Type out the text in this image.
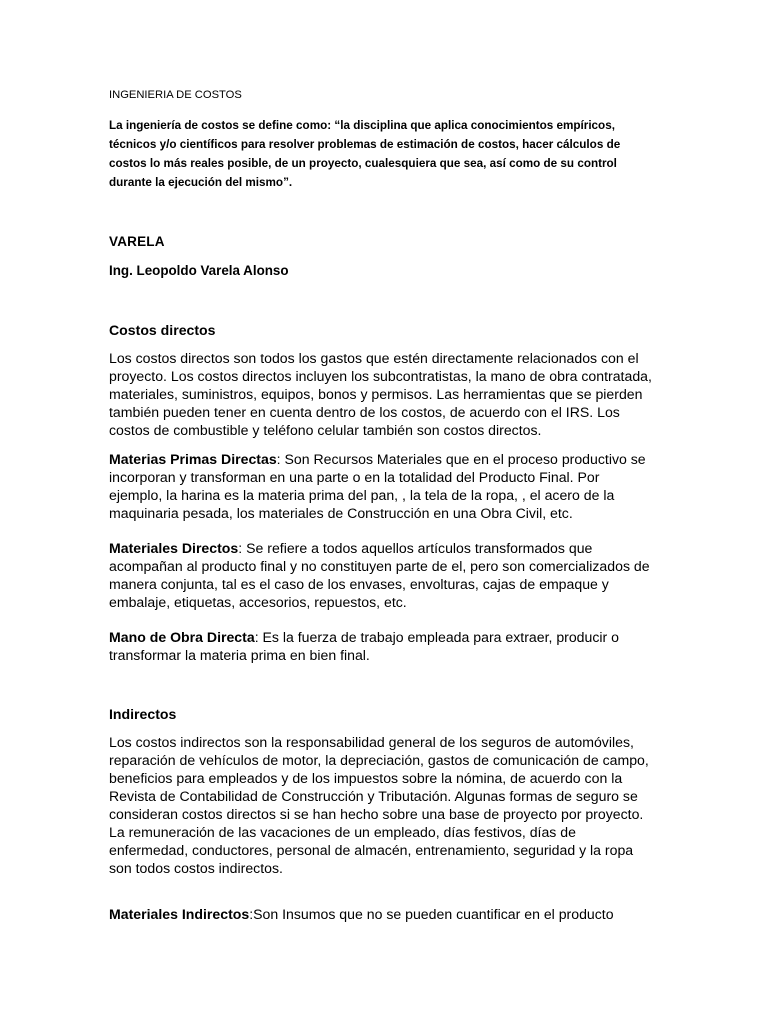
INGENIERIA DE COSTOS
La ingeniería de costos se define como: “la disciplina que aplica conocimientos empíricos,
técnicos y/o científicos para resolver problemas de estimación de costos, hacer cálculos de
costos lo más reales posible, de un proyecto, cualesquiera que sea, así como de su control
durante la ejecución del mismo”.
VARELA
Ing. Leopoldo Varela Alonso
Costos directos
Los costos directos son todos los gastos que estén directamente relacionados con el
proyecto. Los costos directos incluyen los subcontratistas, la mano de obra contratada,
materiales, suministros, equipos, bonos y permisos. Las herramientas que se pierden
también pueden tener en cuenta dentro de los costos, de acuerdo con el IRS. Los
costos de combustible y teléfono celular también son costos directos.
Materias Primas Directas: Son Recursos Materiales que en el proceso productivo se
incorporan y transforman en una parte o en la totalidad del Producto Final. Por
ejemplo, la harina es la materia prima del pan, , la tela de la ropa, , el acero de la
maquinaria pesada, los materiales de Construcción en una Obra Civil, etc.
Materiales Directos: Se refiere a todos aquellos artículos transformados que
acompañan al producto final y no constituyen parte de el, pero son comercializados de
manera conjunta, tal es el caso de los envases, envolturas, cajas de empaque y
embalaje, etiquetas, accesorios, repuestos, etc.
Mano de Obra Directa: Es la fuerza de trabajo empleada para extraer, producir o
transformar la materia prima en bien final.
Indirectos
Los costos indirectos son la responsabilidad general de los seguros de automóviles,
reparación de vehículos de motor, la depreciación, gastos de comunicación de campo,
beneficios para empleados y de los impuestos sobre la nómina, de acuerdo con la
Revista de Contabilidad de Construcción y Tributación. Algunas formas de seguro se
consideran costos directos si se han hecho sobre una base de proyecto por proyecto.
La remuneración de las vacaciones de un empleado, días festivos, días de
enfermedad, conductores, personal de almacén, entrenamiento, seguridad y la ropa
son todos costos indirectos.
Materiales Indirectos:Son Insumos que no se pueden cuantificar en el producto
